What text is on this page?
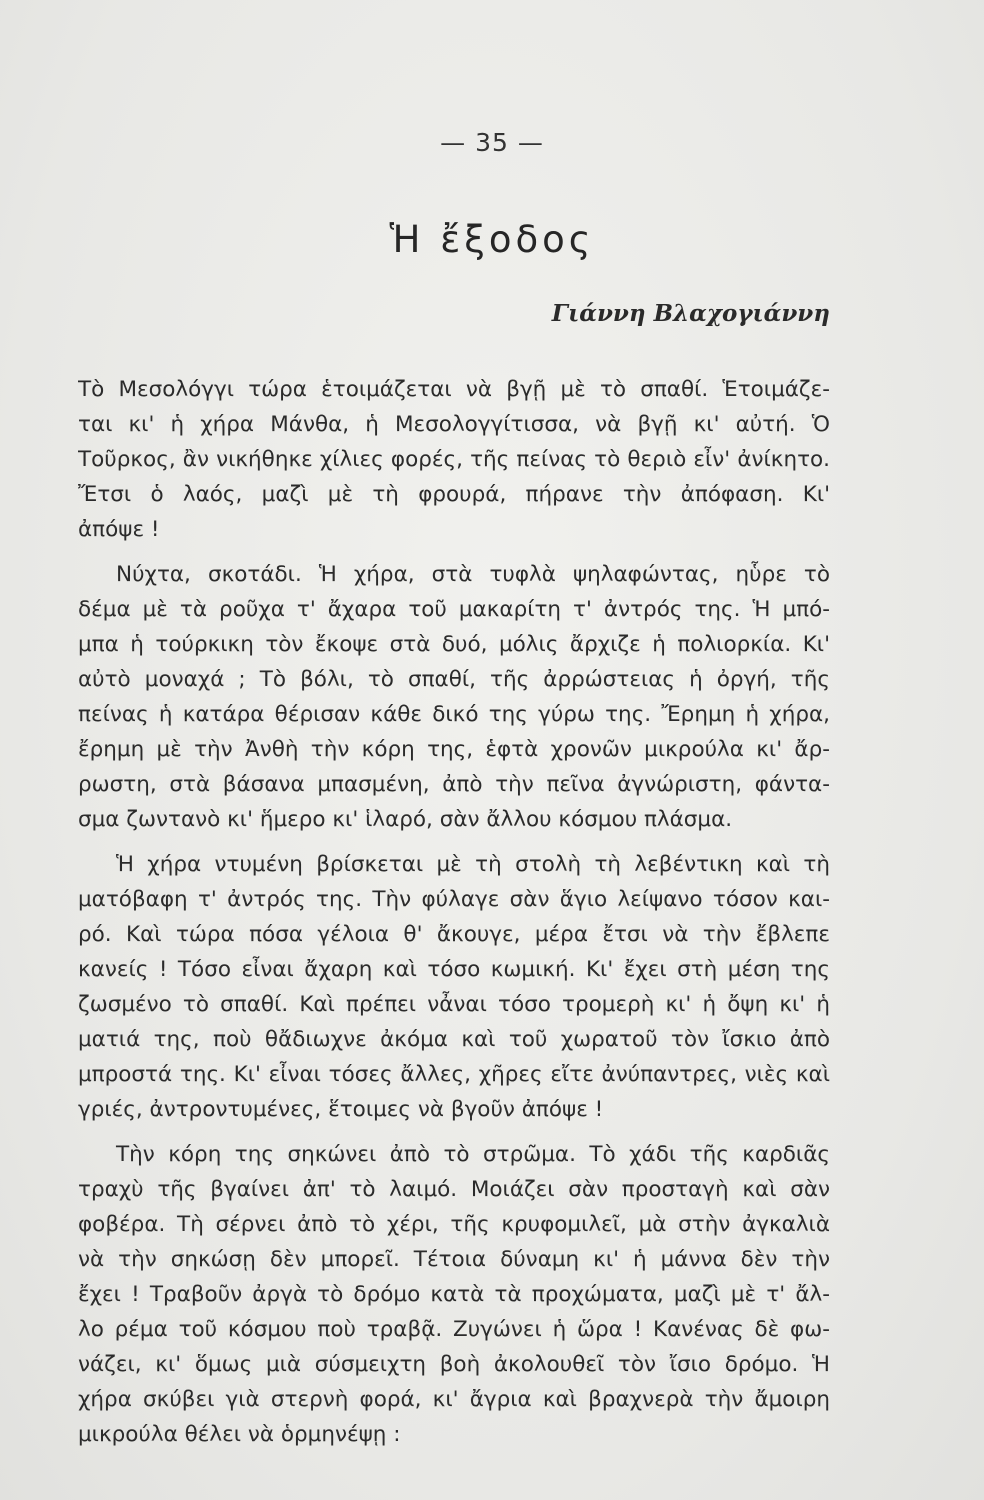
— 35 —
Ἡ ἔξοδος
Γιάννη Βλαχογιάννη
Τὸ Μεσολόγγι τώρα ἑτοιμάζεται νὰ βγῇ μὲ τὸ σπαθί. Ἑτοιμάζε-
ται κι' ἡ χήρα Μάνθα, ἡ Μεσολογγίτισσα, νὰ βγῇ κι' αὐτή. Ὁ
Τοῦρκος, ἂν νικήθηκε χίλιες φορές, τῆς πείνας τὸ θεριὸ εἶν' ἀνίκητο.
Ἔτσι ὁ λαός, μαζὶ μὲ τὴ φρουρά, πήρανε τὴν ἀπόφαση. Κι'
ἀπόψε !
Νύχτα, σκοτάδι. Ἡ χήρα, στὰ τυφλὰ ψηλαφώντας, ηὗρε τὸ
δέμα μὲ τὰ ροῦχα τ' ἄχαρα τοῦ μακαρίτη τ' ἀντρός της. Ἡ μπό-
μπα ἡ τούρκικη τὸν ἔκοψε στὰ δυό, μόλις ἄρχιζε ἡ πολιορκία. Κι'
αὐτὸ μοναχά ; Τὸ βόλι, τὸ σπαθί, τῆς ἀρρώστειας ἡ ὀργή, τῆς
πείνας ἡ κατάρα θέρισαν κάθε δικό της γύρω της. Ἔρημη ἡ χήρα,
ἔρημη μὲ τὴν Ἀνθὴ τὴν κόρη της, ἑφτὰ χρονῶν μικρούλα κι' ἄρ-
ρωστη, στὰ βάσανα μπασμένη, ἀπὸ τὴν πεῖνα ἀγνώριστη, φάντα-
σμα ζωντανὸ κι' ἥμερο κι' ἱλαρό, σὰν ἄλλου κόσμου πλάσμα.
Ἡ χήρα ντυμένη βρίσκεται μὲ τὴ στολὴ τὴ λεβέντικη καὶ τὴ
ματόβαφη τ' ἀντρός της. Τὴν φύλαγε σὰν ἅγιο λείψανο τόσον και-
ρό. Καὶ τώρα πόσα γέλοια θ' ἄκουγε, μέρα ἔτσι νὰ τὴν ἔβλεπε
κανείς ! Τόσο εἶναι ἄχαρη καὶ τόσο κωμική. Κι' ἔχει στὴ μέση της
ζωσμένο τὸ σπαθί. Καὶ πρέπει νἆναι τόσο τρομερὴ κι' ἡ ὄψη κι' ἡ
ματιά της, ποὺ θἄδιωχνε ἀκόμα καὶ τοῦ χωρατοῦ τὸν ἴσκιο ἀπὸ
μπροστά της. Κι' εἶναι τόσες ἄλλες, χῆρες εἴτε ἀνύπαντρες, νιὲς καὶ
γριές, ἀντροντυμένες, ἕτοιμες νὰ βγοῦν ἀπόψε !
Τὴν κόρη της σηκώνει ἀπὸ τὸ στρῶμα. Τὸ χάδι τῆς καρδιᾶς
τραχὺ τῆς βγαίνει ἀπ' τὸ λαιμό. Μοιάζει σὰν προσταγὴ καὶ σὰν
φοβέρα. Τὴ σέρνει ἀπὸ τὸ χέρι, τῆς κρυφομιλεῖ, μὰ στὴν ἀγκαλιὰ
νὰ τὴν σηκώσῃ δὲν μπορεῖ. Τέτοια δύναμη κι' ἡ μάννα δὲν τὴν
ἔχει ! Τραβοῦν ἀργὰ τὸ δρόμο κατὰ τὰ προχώματα, μαζὶ μὲ τ' ἄλ-
λο ρέμα τοῦ κόσμου ποὺ τραβᾷ. Ζυγώνει ἡ ὥρα ! Κανένας δὲ φω-
νάζει, κι' ὅμως μιὰ σύσμειχτη βοὴ ἀκολουθεῖ τὸν ἴσιο δρόμο. Ἡ
χήρα σκύβει γιὰ στερνὴ φορά, κι' ἄγρια καὶ βραχνερὰ τὴν ἄμοιρη
μικρούλα θέλει νὰ ὁρμηνέψῃ :
